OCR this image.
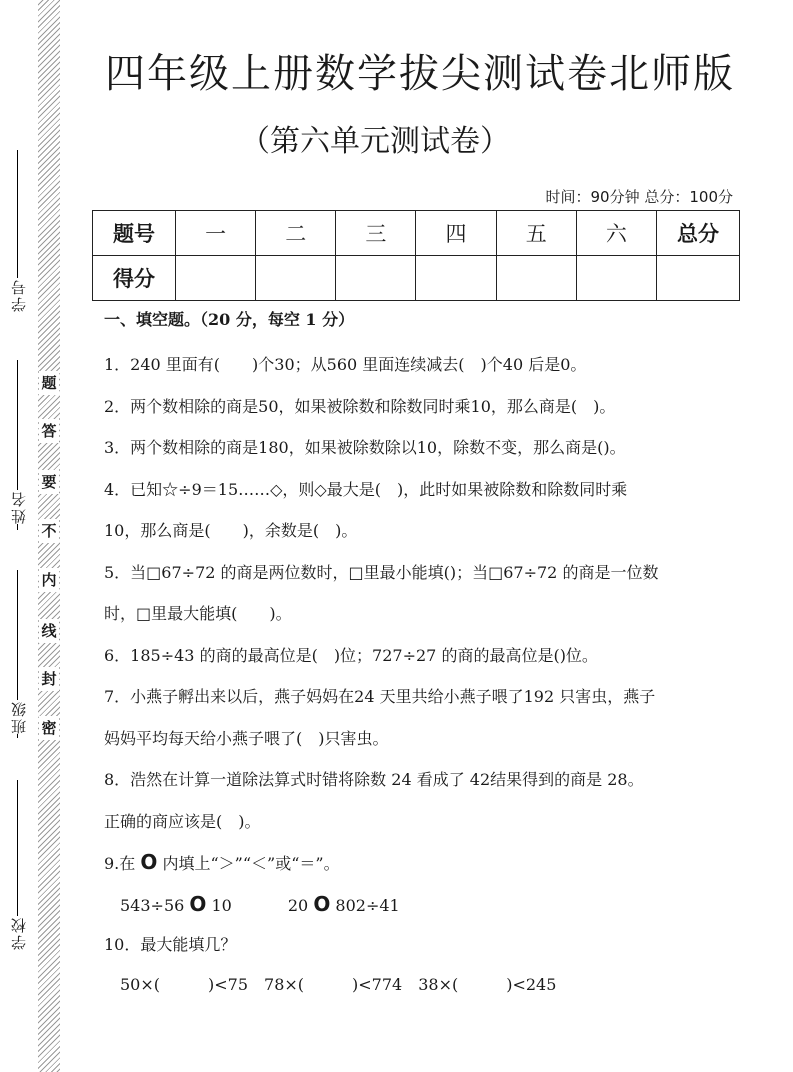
学号
姓名
班级
学校
题
答
要
不
内
线
封
密
四年级上册数学拔尖测试卷北师版
（第六单元测试卷）
时间：90分钟 总分：100分
题号	一	二	三	四	五	六	总分
得分							
一、填空题。（20 分，每空 1 分）
1．240 里面有(　　)个30；从560 里面连续减去(　)个40 后是0。
2．两个数相除的商是50，如果被除数和除数同时乘10，那么商是(　)。
3．两个数相除的商是180，如果被除数除以10，除数不变，那么商是()。
4．已知☆÷9＝15……◇，则◇最大是(　)，此时如果被除数和除数同时乘
10，那么商是(　　)，余数是(　)。
5．当□67÷72 的商是两位数时，□里最小能填()；当□67÷72 的商是一位数
时，□里最大能填(　　)。
6．185÷43 的商的最高位是(　)位；727÷27 的商的最高位是()位。
7．小燕子孵出来以后，燕子妈妈在24 天里共给小燕子喂了192 只害虫，燕子
妈妈平均每天给小燕子喂了(　)只害虫。
8．浩然在计算一道除法算式时错将除数 24 看成了 42结果得到的商是 28。
正确的商应该是(　)。
9.在 O 内填上“＞”“＜”或“＝”。
543÷56 O 10	20 O 802÷41
10．最大能填几？
50×(　　　)<75　78×(　　　)<774　38×(　　　)<245
